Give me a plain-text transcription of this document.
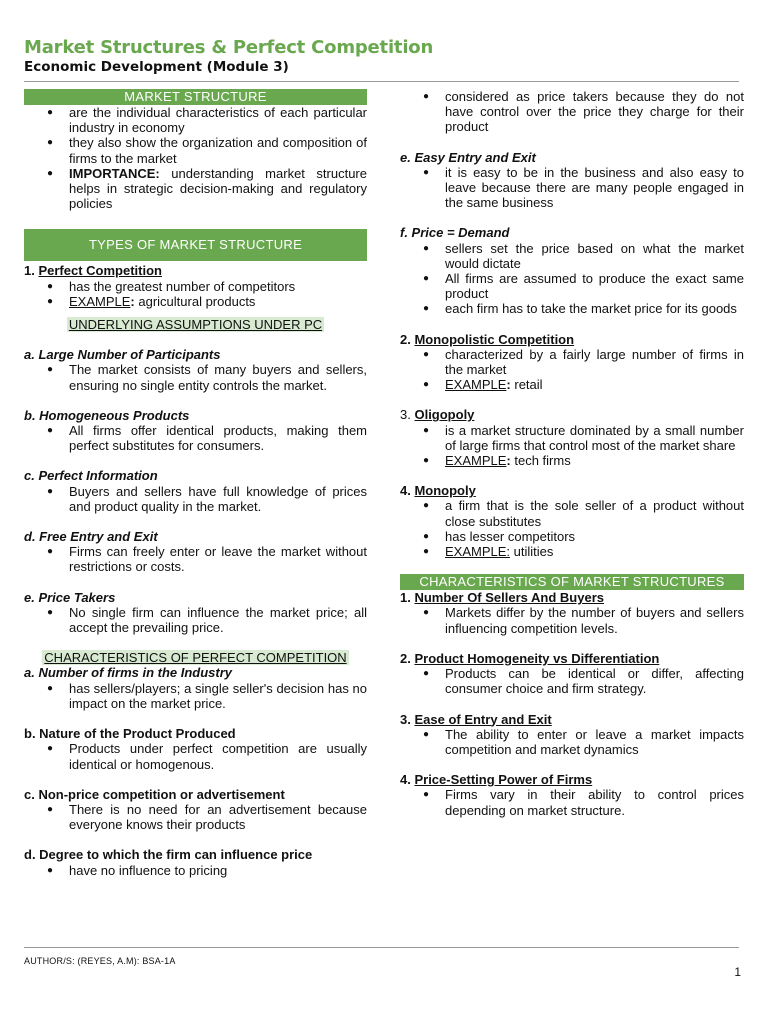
Market Structures & Perfect Competition
Economic Development (Module 3)
MARKET STRUCTURE
● are the individual characteristics of each particular industry in economy
● they also show the organization and composition of firms to the market
● IMPORTANCE: understanding market structure helps in strategic decision-making and regulatory policies
TYPES OF MARKET STRUCTURE
1. Perfect Competition
● has the greatest number of competitors
● EXAMPLE: agricultural products
UNDERLYING ASSUMPTIONS UNDER PC
a. Large Number of Participants
● The market consists of many buyers and sellers, ensuring no single entity controls the market.
b. Homogeneous Products
● All firms offer identical products, making them perfect substitutes for consumers.
c. Perfect Information
● Buyers and sellers have full knowledge of prices and product quality in the market.
d. Free Entry and Exit
● Firms can freely enter or leave the market without restrictions or costs.
e. Price Takers
● No single firm can influence the market price; all accept the prevailing price.
CHARACTERISTICS OF PERFECT COMPETITION
a. Number of firms in the Industry
● has sellers/players; a single seller's decision has no impact on the market price.
b. Nature of the Product Produced
● Products under perfect competition are usually identical or homogenous.
c. Non-price competition or advertisement
● There is no need for an advertisement because everyone knows their products
d. Degree to which the firm can influence price
● have no influence to pricing
● considered as price takers because they do not have control over the price they charge for their product
e. Easy Entry and Exit
● it is easy to be in the business and also easy to leave because there are many people engaged in the same business
f. Price = Demand
● sellers set the price based on what the market would dictate
● All firms are assumed to produce the exact same product
● each firm has to take the market price for its goods
2. Monopolistic Competition
● characterized by a fairly large number of firms in the market
● EXAMPLE: retail
3. Oligopoly
● is a market structure dominated by a small number of large firms that control most of the market share
● EXAMPLE: tech firms
4. Monopoly
● a firm that is the sole seller of a product without close substitutes
● has lesser competitors
● EXAMPLE: utilities
CHARACTERISTICS OF MARKET STRUCTURES
1. Number Of Sellers And Buyers
● Markets differ by the number of buyers and sellers influencing competition levels.
2. Product Homogeneity vs Differentiation
● Products can be identical or differ, affecting consumer choice and firm strategy.
3. Ease of Entry and Exit
● The ability to enter or leave a market impacts competition and market dynamics
4. Price-Setting Power of Firms
● Firms vary in their ability to control prices depending on market structure.
AUTHOR/S: (REYES, A.M): BSA-1A
1
